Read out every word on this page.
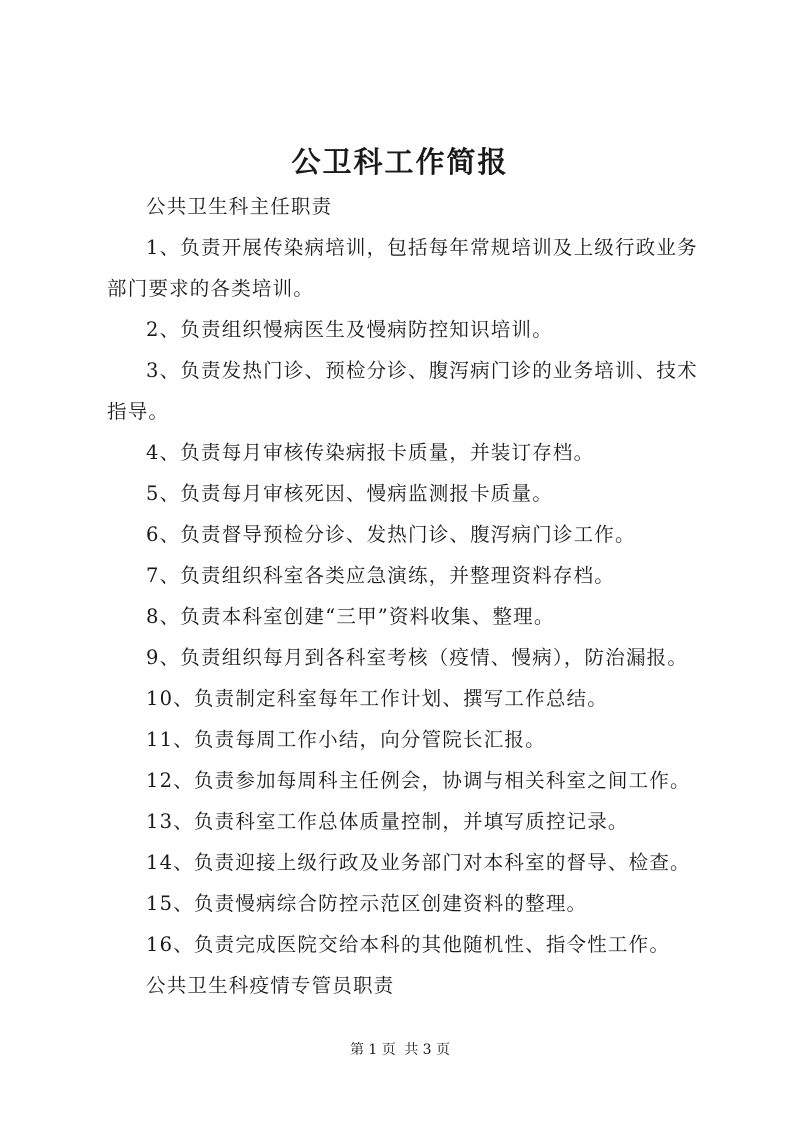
公卫科工作简报

公共卫生科主任职责

1、负责开展传染病培训，包括每年常规培训及上级行政业务部门要求的各类培训。

2、负责组织慢病医生及慢病防控知识培训。

3、负责发热门诊、预检分诊、腹泻病门诊的业务培训、技术指导。

4、负责每月审核传染病报卡质量，并装订存档。

5、负责每月审核死因、慢病监测报卡质量。

6、负责督导预检分诊、发热门诊、腹泻病门诊工作。

7、负责组织科室各类应急演练，并整理资料存档。

8、负责本科室创建“三甲”资料收集、整理。

9、负责组织每月到各科室考核（疫情、慢病），防治漏报。

10、负责制定科室每年工作计划、撰写工作总结。

11、负责每周工作小结，向分管院长汇报。

12、负责参加每周科主任例会，协调与相关科室之间工作。

13、负责科室工作总体质量控制，并填写质控记录。

14、负责迎接上级行政及业务部门对本科室的督导、检查。

15、负责慢病综合防控示范区创建资料的整理。

16、负责完成医院交给本科的其他随机性、指令性工作。

公共卫生科疫情专管员职责

第 1 页 共 3 页
